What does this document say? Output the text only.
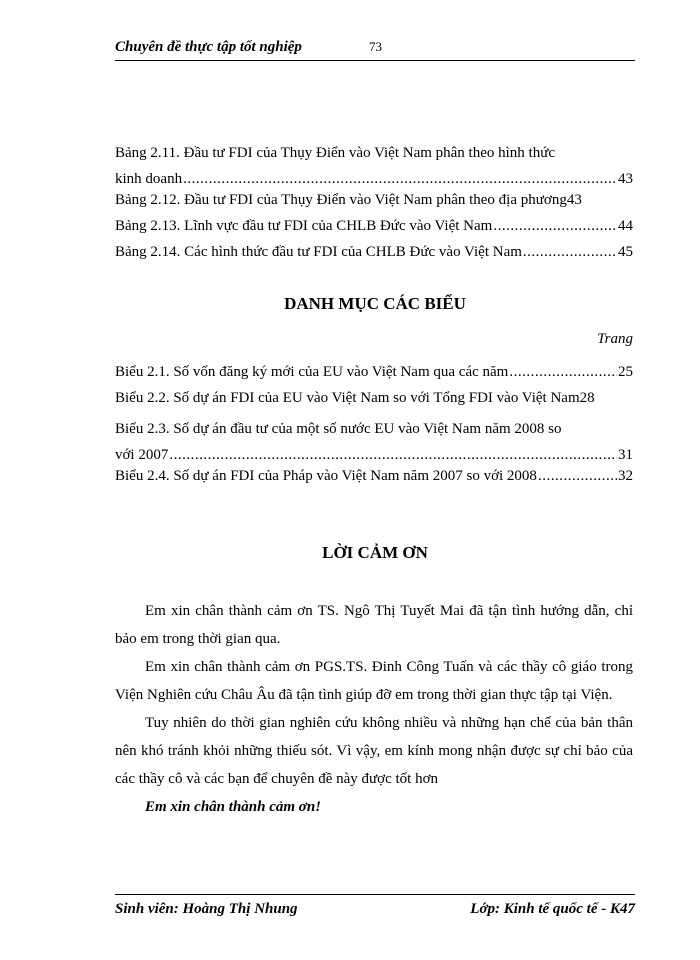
Chuyên đề thực tập tốt nghiệp	73
Bảng 2.11. Đầu tư FDI của Thụy Điển vào Việt Nam phân theo hình thức
kinh doanh .....	43
Bảng 2.12. Đầu tư FDI của Thụy Điển vào Việt Nam phân theo địa phương 43
Bảng 2.13. Lĩnh vực đầu tư FDI của CHLB Đức vào Việt Nam .....	44
Bảng 2.14. Các hình thức đầu tư FDI của CHLB Đức vào Việt Nam .....	45
DANH MỤC CÁC BIỂU
Trang
Biểu 2.1. Số vốn đăng ký mới của EU vào Việt Nam qua các năm .....	25
Biểu 2.2. Số dự án FDI của EU vào Việt Nam so với Tổng FDI vào Việt Nam 28
Biểu 2.3. Số dự án đầu tư của một số nước EU vào Việt Nam năm 2008 so
với 2007 .....	31
Biểu 2.4. Số dự án FDI của Pháp vào Việt Nam năm 2007 so với 2008 .....	32
LỜI CẢM ƠN

Em xin chân thành cảm ơn TS. Ngô Thị Tuyết Mai đã tận tình hướng dẫn, chỉ bảo em trong thời gian qua.

Em xin chân thành cảm ơn PGS.TS. Đinh Công Tuấn và các thầy cô giáo trong Viện Nghiên cứu Châu Âu đã tận tình giúp đỡ em trong thời gian thực tập tại Viện.

Tuy nhiên do thời gian nghiên cứu không nhiều và những hạn chế của bản thân nên khó tránh khỏi những thiếu sót. Vì vậy, em kính mong nhận được sự chỉ bảo của các thầy cô và các bạn để chuyên đề này được tốt hơn

Em xin chân thành cảm ơn!

Sinh viên: Hoàng Thị Nhung	Lớp: Kinh tế quốc tế - K47
